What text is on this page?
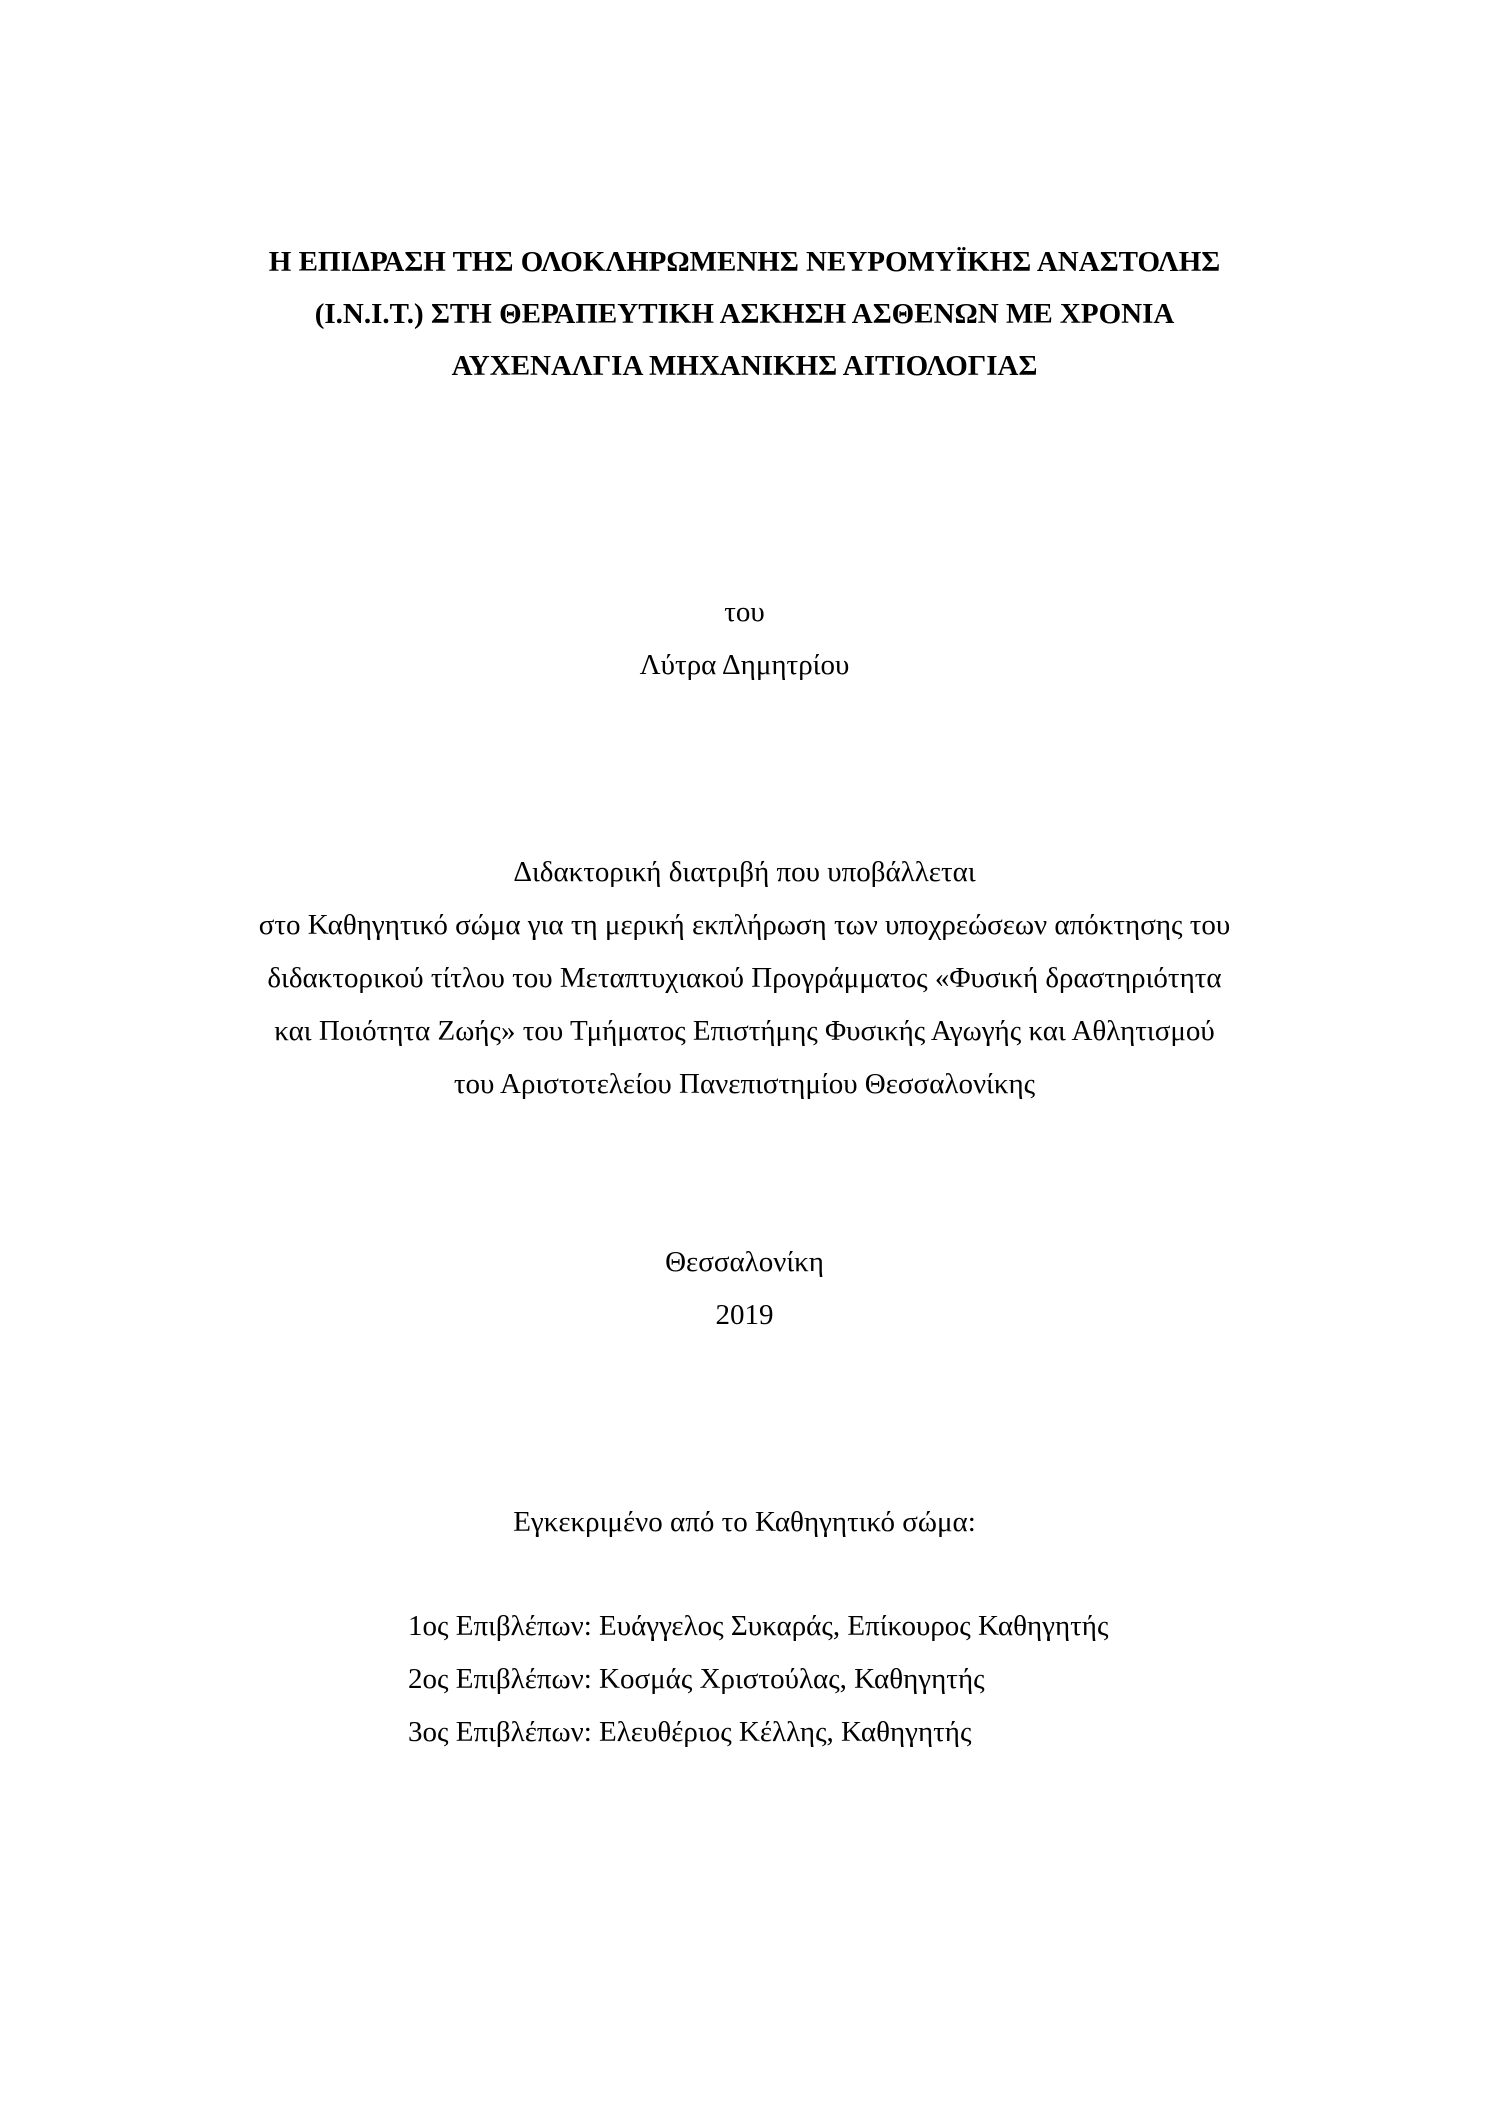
Η ΕΠΙΔΡΑΣΗ ΤΗΣ ΟΛΟΚΛΗΡΩΜΕΝΗΣ ΝΕΥΡΟΜΥΪΚΗΣ ΑΝΑΣΤΟΛΗΣ
(I.N.I.T.) ΣΤΗ ΘΕΡΑΠΕΥΤΙΚΗ ΑΣΚΗΣΗ ΑΣΘΕΝΩΝ ΜΕ ΧΡΟΝΙΑ
ΑΥΧΕΝΑΛΓΙΑ ΜΗΧΑΝΙΚΗΣ ΑΙΤΙΟΛΟΓΙΑΣ
του
Λύτρα Δημητρίου
Διδακτορική διατριβή που υποβάλλεται
στο Καθηγητικό σώμα για τη μερική εκπλήρωση των υποχρεώσεων απόκτησης του
διδακτορικού τίτλου του Μεταπτυχιακού Προγράμματος «Φυσική δραστηριότητα
και Ποιότητα Ζωής» του Τμήματος Επιστήμης Φυσικής Αγωγής και Αθλητισμού
του Αριστοτελείου Πανεπιστημίου Θεσσαλονίκης
Θεσσαλονίκη
2019
Εγκεκριμένο από το Καθηγητικό σώμα:
1ος Επιβλέπων: Ευάγγελος Συκαράς, Επίκουρος Καθηγητής
2ος Επιβλέπων: Κοσμάς Χριστούλας, Καθηγητής
3ος Επιβλέπων: Ελευθέριος Κέλλης, Καθηγητής
